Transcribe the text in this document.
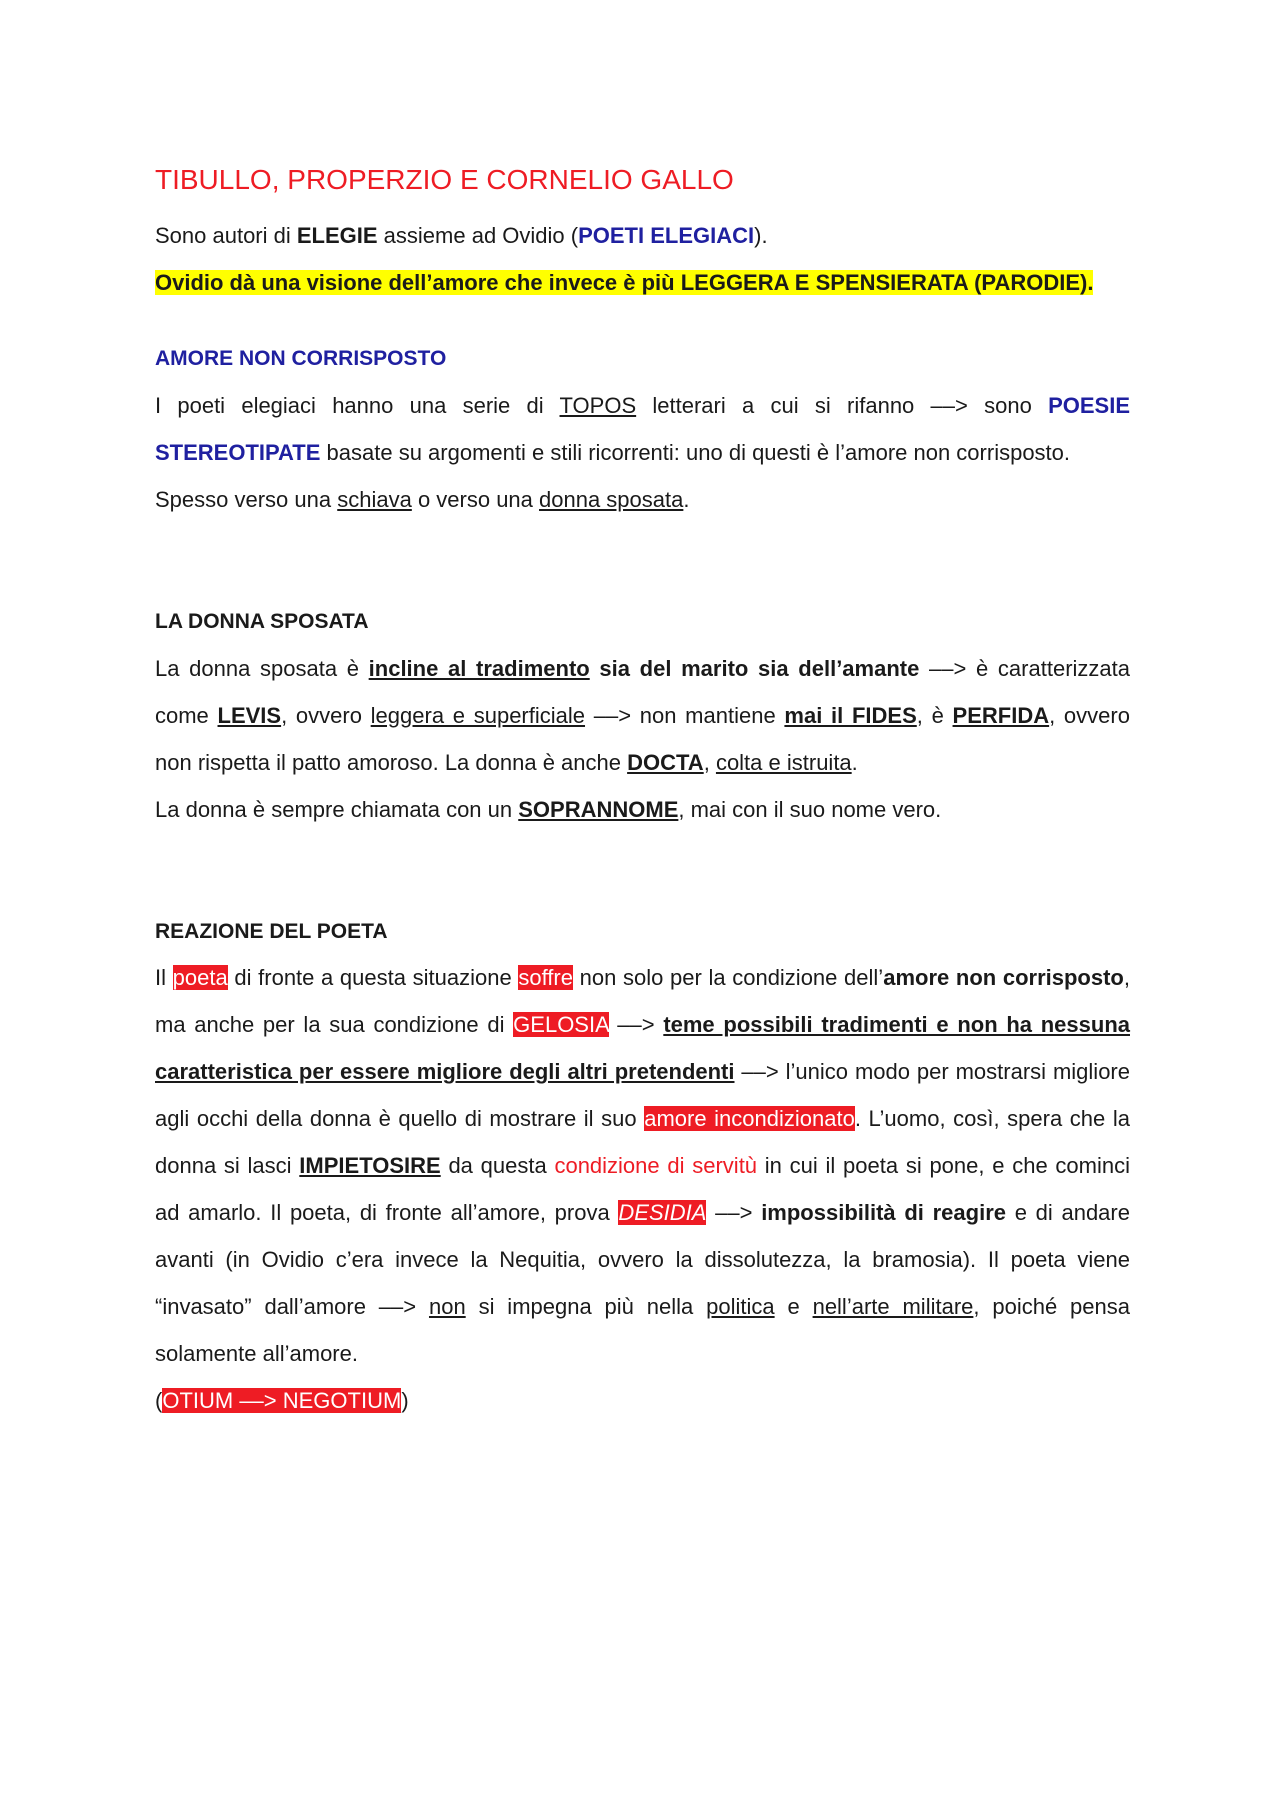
TIBULLO, PROPERZIO E CORNELIO GALLO

Sono autori di ELEGIE assieme ad Ovidio (POETI ELEGIACI).

Ovidio dà una visione dell’amore che invece è più LEGGERA E SPENSIERATA (PARODIE).

AMORE NON CORRISPOSTO

I poeti elegiaci hanno una serie di TOPOS letterari a cui si rifanno ––> sono POESIE STEREOTIPATE basate su argomenti e stili ricorrenti: uno di questi è l’amore non corrisposto.

Spesso verso una schiava o verso una donna sposata.

LA DONNA SPOSATA

La donna sposata è incline al tradimento sia del marito sia dell’amante ––> è caratterizzata come LEVIS, ovvero leggera e superficiale ––> non mantiene mai il FIDES, è PERFIDA, ovvero non rispetta il patto amoroso. La donna è anche DOCTA, colta e istruita.

La donna è sempre chiamata con un SOPRANNOME, mai con il suo nome vero.

REAZIONE DEL POETA

Il poeta di fronte a questa situazione soffre non solo per la condizione dell’amore non corrisposto, ma anche per la sua condizione di GELOSIA ––> teme possibili tradimenti e non ha nessuna caratteristica per essere migliore degli altri pretendenti ––> l’unico modo per mostrarsi migliore agli occhi della donna è quello di mostrare il suo amore incondizionato. L’uomo, così, spera che la donna si lasci IMPIETOSIRE da questa condizione di servitù in cui il poeta si pone, e che cominci ad amarlo. Il poeta, di fronte all’amore, prova DESIDIA ––> impossibilità di reagire e di andare avanti (in Ovidio c’era invece la Nequitia, ovvero la dissolutezza, la bramosia). Il poeta viene “invasato” dall’amore ––> non si impegna più nella politica e nell’arte militare, poiché pensa solamente all’amore.

(OTIUM ––> NEGOTIUM)
